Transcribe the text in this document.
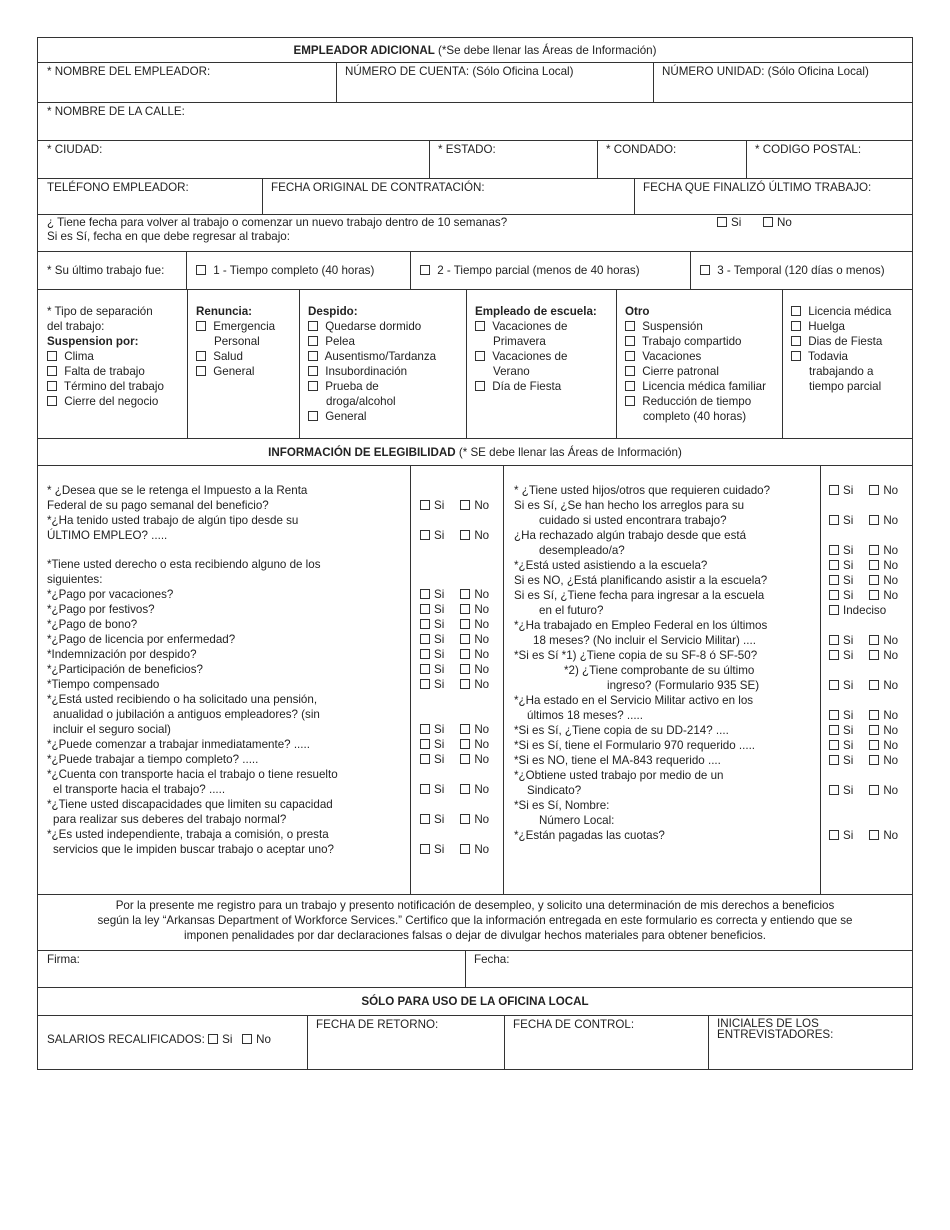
EMPLEADOR ADICIONAL (*Se debe llenar las Áreas de Información)
* NOMBRE DEL EMPLEADOR:	NÚMERO DE CUENTA: (Sólo Oficina Local)	NÚMERO UNIDAD: (Sólo Oficina Local)
* NOMBRE DE LA CALLE:
* CIUDAD:	* ESTADO:	* CONDADO:	* CODIGO POSTAL:
TELÉFONO EMPLEADOR:	FECHA ORIGINAL DE CONTRATACIÓN:	FECHA QUE FINALIZÓ ÚLTIMO TRABAJO:
¿ Tiene fecha para volver al trabajo o comenzar un nuevo trabajo dentro de 10 semanas?
Si es Sí, fecha en que debe regresar al trabajo:
Si	No
* Su último trabajo fue:	1 - Tiempo completo (40 horas)	2 - Tiempo parcial (menos de 40 horas)	3 - Temporal (120 días o menos)
* Tipo de separación
del trabajo:
Suspension por:
Clima
Falta de trabajo
Término del trabajo
Cierre del negocio
Renuncia:
Emergencia
Personal
Salud
General
Despido:
Quedarse dormido
Pelea
Ausentismo/Tardanza
Insubordinación
Prueba de
droga/alcohol
General
Empleado de escuela:
Vacaciones de
Primavera
Vacaciones de
Verano
Día de Fiesta
Otro
Suspensión
Trabajo compartido
Vacaciones
Cierre patronal
Licencia médica familiar
Reducción de tiempo
completo (40 horas)
Licencia médica
Huelga
Dias de Fiesta
Todavia
trabajando a
tiempo parcial
INFORMACIÓN DE ELEGIBILIDAD (* SE debe llenar las Áreas de Información)
* ¿Desea que se le retenga el Impuesto a la Renta
Federal de su pago semanal del beneficio?	Si	No
*¿Ha tenido usted trabajo de algún tipo desde su
ÚLTIMO EMPLEO? .....	Si	No
*Tiene usted derecho o esta recibiendo alguno de los
siguientes:
*¿Pago por vacaciones?	Si	No
*¿Pago por festivos?	Si	No
*¿Pago de bono?	Si	No
*¿Pago de licencia por enfermedad?	Si	No
*Indemnización por despido?	Si	No
*¿Participación de beneficios?	Si	No
*Tiempo compensado	Si	No
*¿Está usted recibiendo o ha solicitado una pensión,
anualidad o jubilación a antiguos empleadores? (sin
incluir el seguro social)	Si	No
*¿Puede comenzar a trabajar inmediatamente? .....	Si	No
*¿Puede trabajar a tiempo completo? .....	Si	No
*¿Cuenta con transporte hacia el trabajo o tiene resuelto
el transporte hacia el trabajo? .....	Si	No
*¿Tiene usted discapacidades que limiten su capacidad
para realizar sus deberes del trabajo normal?	Si	No
*¿Es usted independiente, trabaja a comisión, o presta
servicios que le impiden buscar trabajo o aceptar uno?	Si	No
* ¿Tiene usted hijos/otros que requieren cuidado?	Si	No
Si es Sí, ¿Se han hecho los arreglos para su
cuidado si usted encontrara trabajo?	Si	No
¿Ha rechazado algún trabajo desde que está
desempleado/a?	Si	No
*¿Está usted asistiendo a la escuela?	Si	No
Si es NO, ¿Está planificando asistir a la escuela?	Si	No
Si es Sí, ¿Tiene fecha para ingresar a la escuela	Si	No
en el futuro?	Indeciso
*¿Ha trabajado en Empleo Federal en los últimos
18 meses? (No incluir el Servicio Militar) ....	Si	No
*Si es Sí *1) ¿Tiene copia de su SF-8 ó SF-50?	Si	No
*2) ¿Tiene comprobante de su último
ingreso? (Formulario 935 SE)	Si	No
*¿Ha estado en el Servicio Militar activo en los
últimos 18 meses? .....	Si	No
*Si es Sí, ¿Tiene copia de su DD-214? ....	Si	No
*Si es Sí, tiene el Formulario 970 requerido .....	Si	No
*Si es NO, tiene el MA-843 requerido ....	Si	No
*¿Obtiene usted trabajo por medio de un
Sindicato?	Si	No
*Si es Sí, Nombre:
Número Local:
*¿Están pagadas las cuotas?	Si	No
Por la presente me registro para un trabajo y presento notificación de desempleo, y solicito una determinación de mis derechos a beneficios
según la ley “Arkansas Department of Workforce Services.” Certifico que la información entregada en este formulario es correcta y entiendo que se
imponen penalidades por dar declaraciones falsas o dejar de divulgar hechos materiales para obtener beneficios.
Firma:	Fecha:
SÓLO PARA USO DE LA OFICINA LOCAL
SALARIOS RECALIFICADOS: Si No
FECHA DE RETORNO:	FECHA DE CONTROL:	INICIALES DE LOS
ENTREVISTADORES:
